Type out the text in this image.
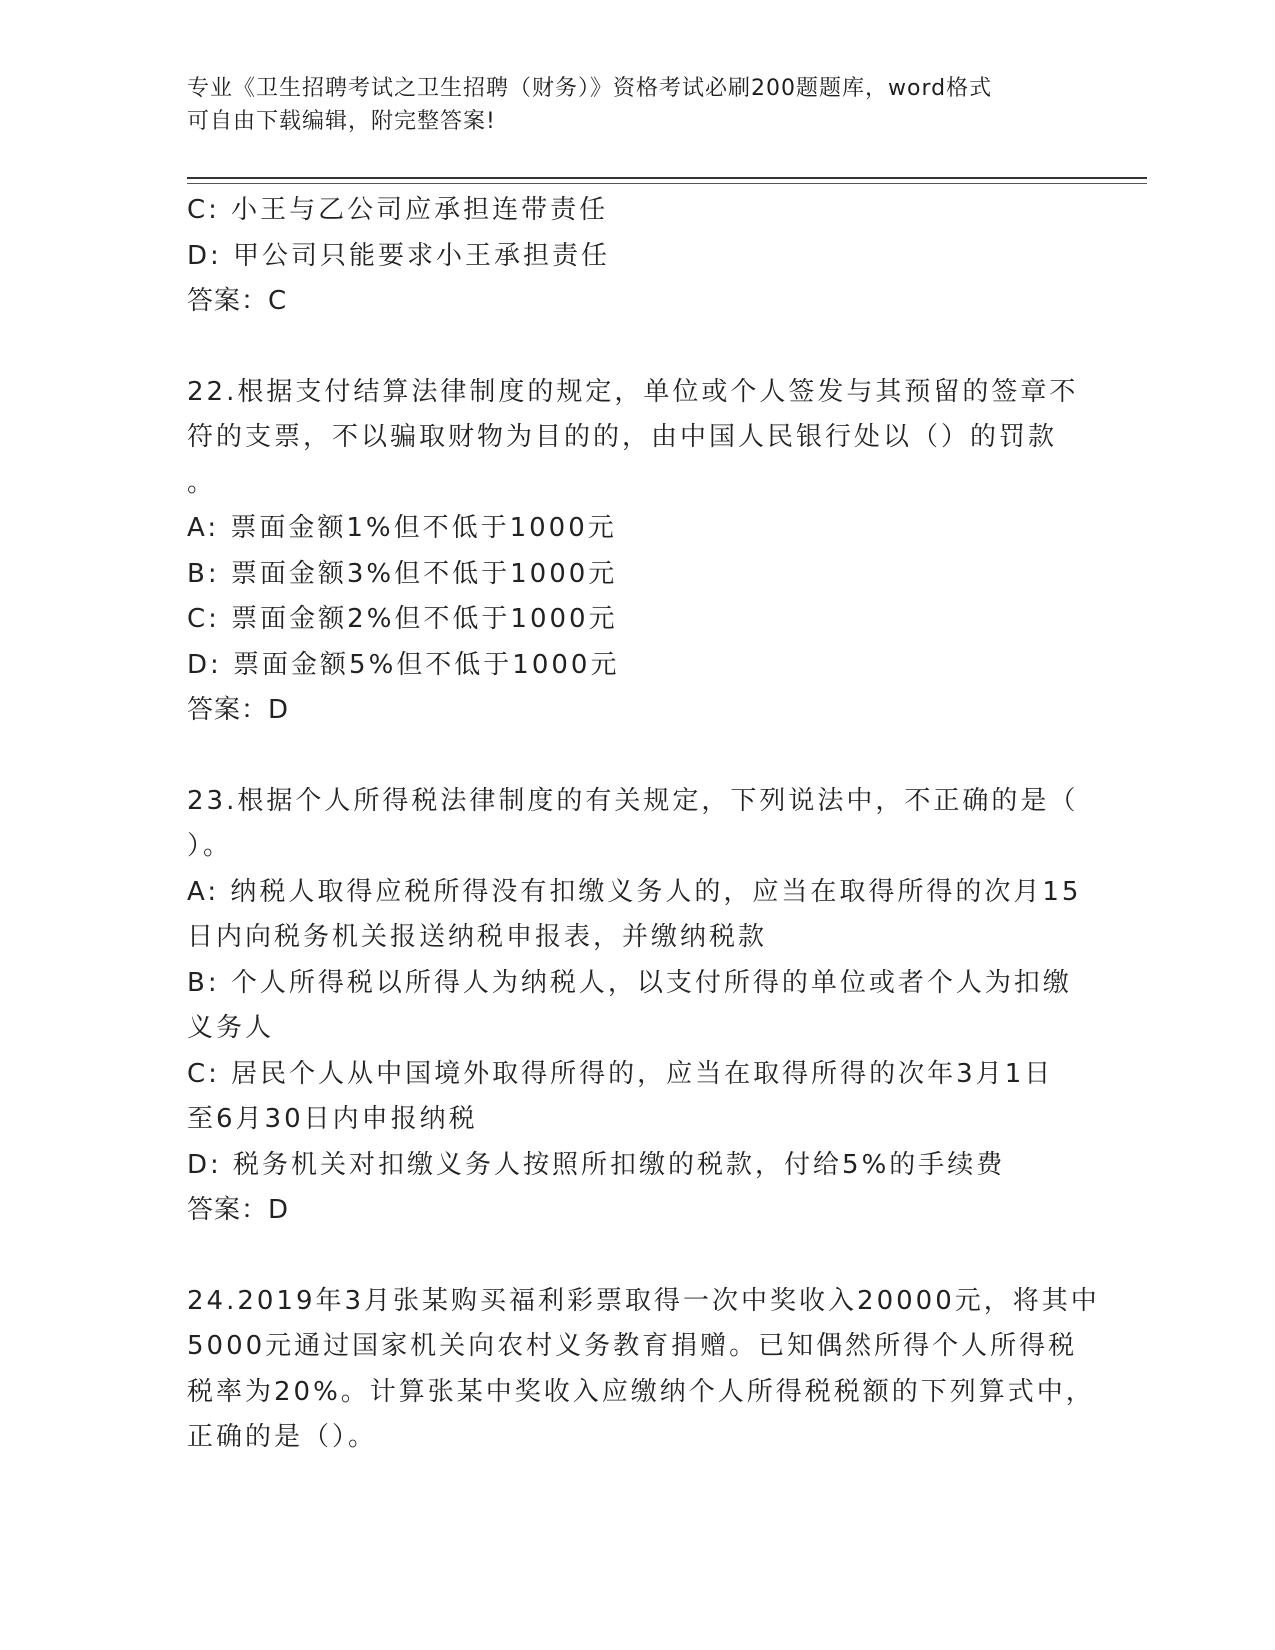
专业《卫生招聘考试之卫生招聘（财务）》资格考试必刷200题题库，word格式
可自由下载编辑，附完整答案!
C: 小王与乙公司应承担连带责任
D: 甲公司只能要求小王承担责任
答案：C
22.根据支付结算法律制度的规定，单位或个人签发与其预留的签章不
符的支票，不以骗取财物为目的的，由中国人民银行处以（）的罚款
。
A: 票面金额1%但不低于1000元
B: 票面金额3%但不低于1000元
C: 票面金额2%但不低于1000元
D: 票面金额5%但不低于1000元
答案：D
23.根据个人所得税法律制度的有关规定，下列说法中，不正确的是（
）。
A: 纳税人取得应税所得没有扣缴义务人的，应当在取得所得的次月15
日内向税务机关报送纳税申报表，并缴纳税款
B: 个人所得税以所得人为纳税人，以支付所得的单位或者个人为扣缴
义务人
C: 居民个人从中国境外取得所得的，应当在取得所得的次年3月1日
至6月30日内申报纳税
D: 税务机关对扣缴义务人按照所扣缴的税款，付给5%的手续费
答案：D
24.2019年3月张某购买福利彩票取得一次中奖收入20000元，将其中
5000元通过国家机关向农村义务教育捐赠。已知偶然所得个人所得税
税率为20%。计算张某中奖收入应缴纳个人所得税税额的下列算式中，
正确的是（）。
